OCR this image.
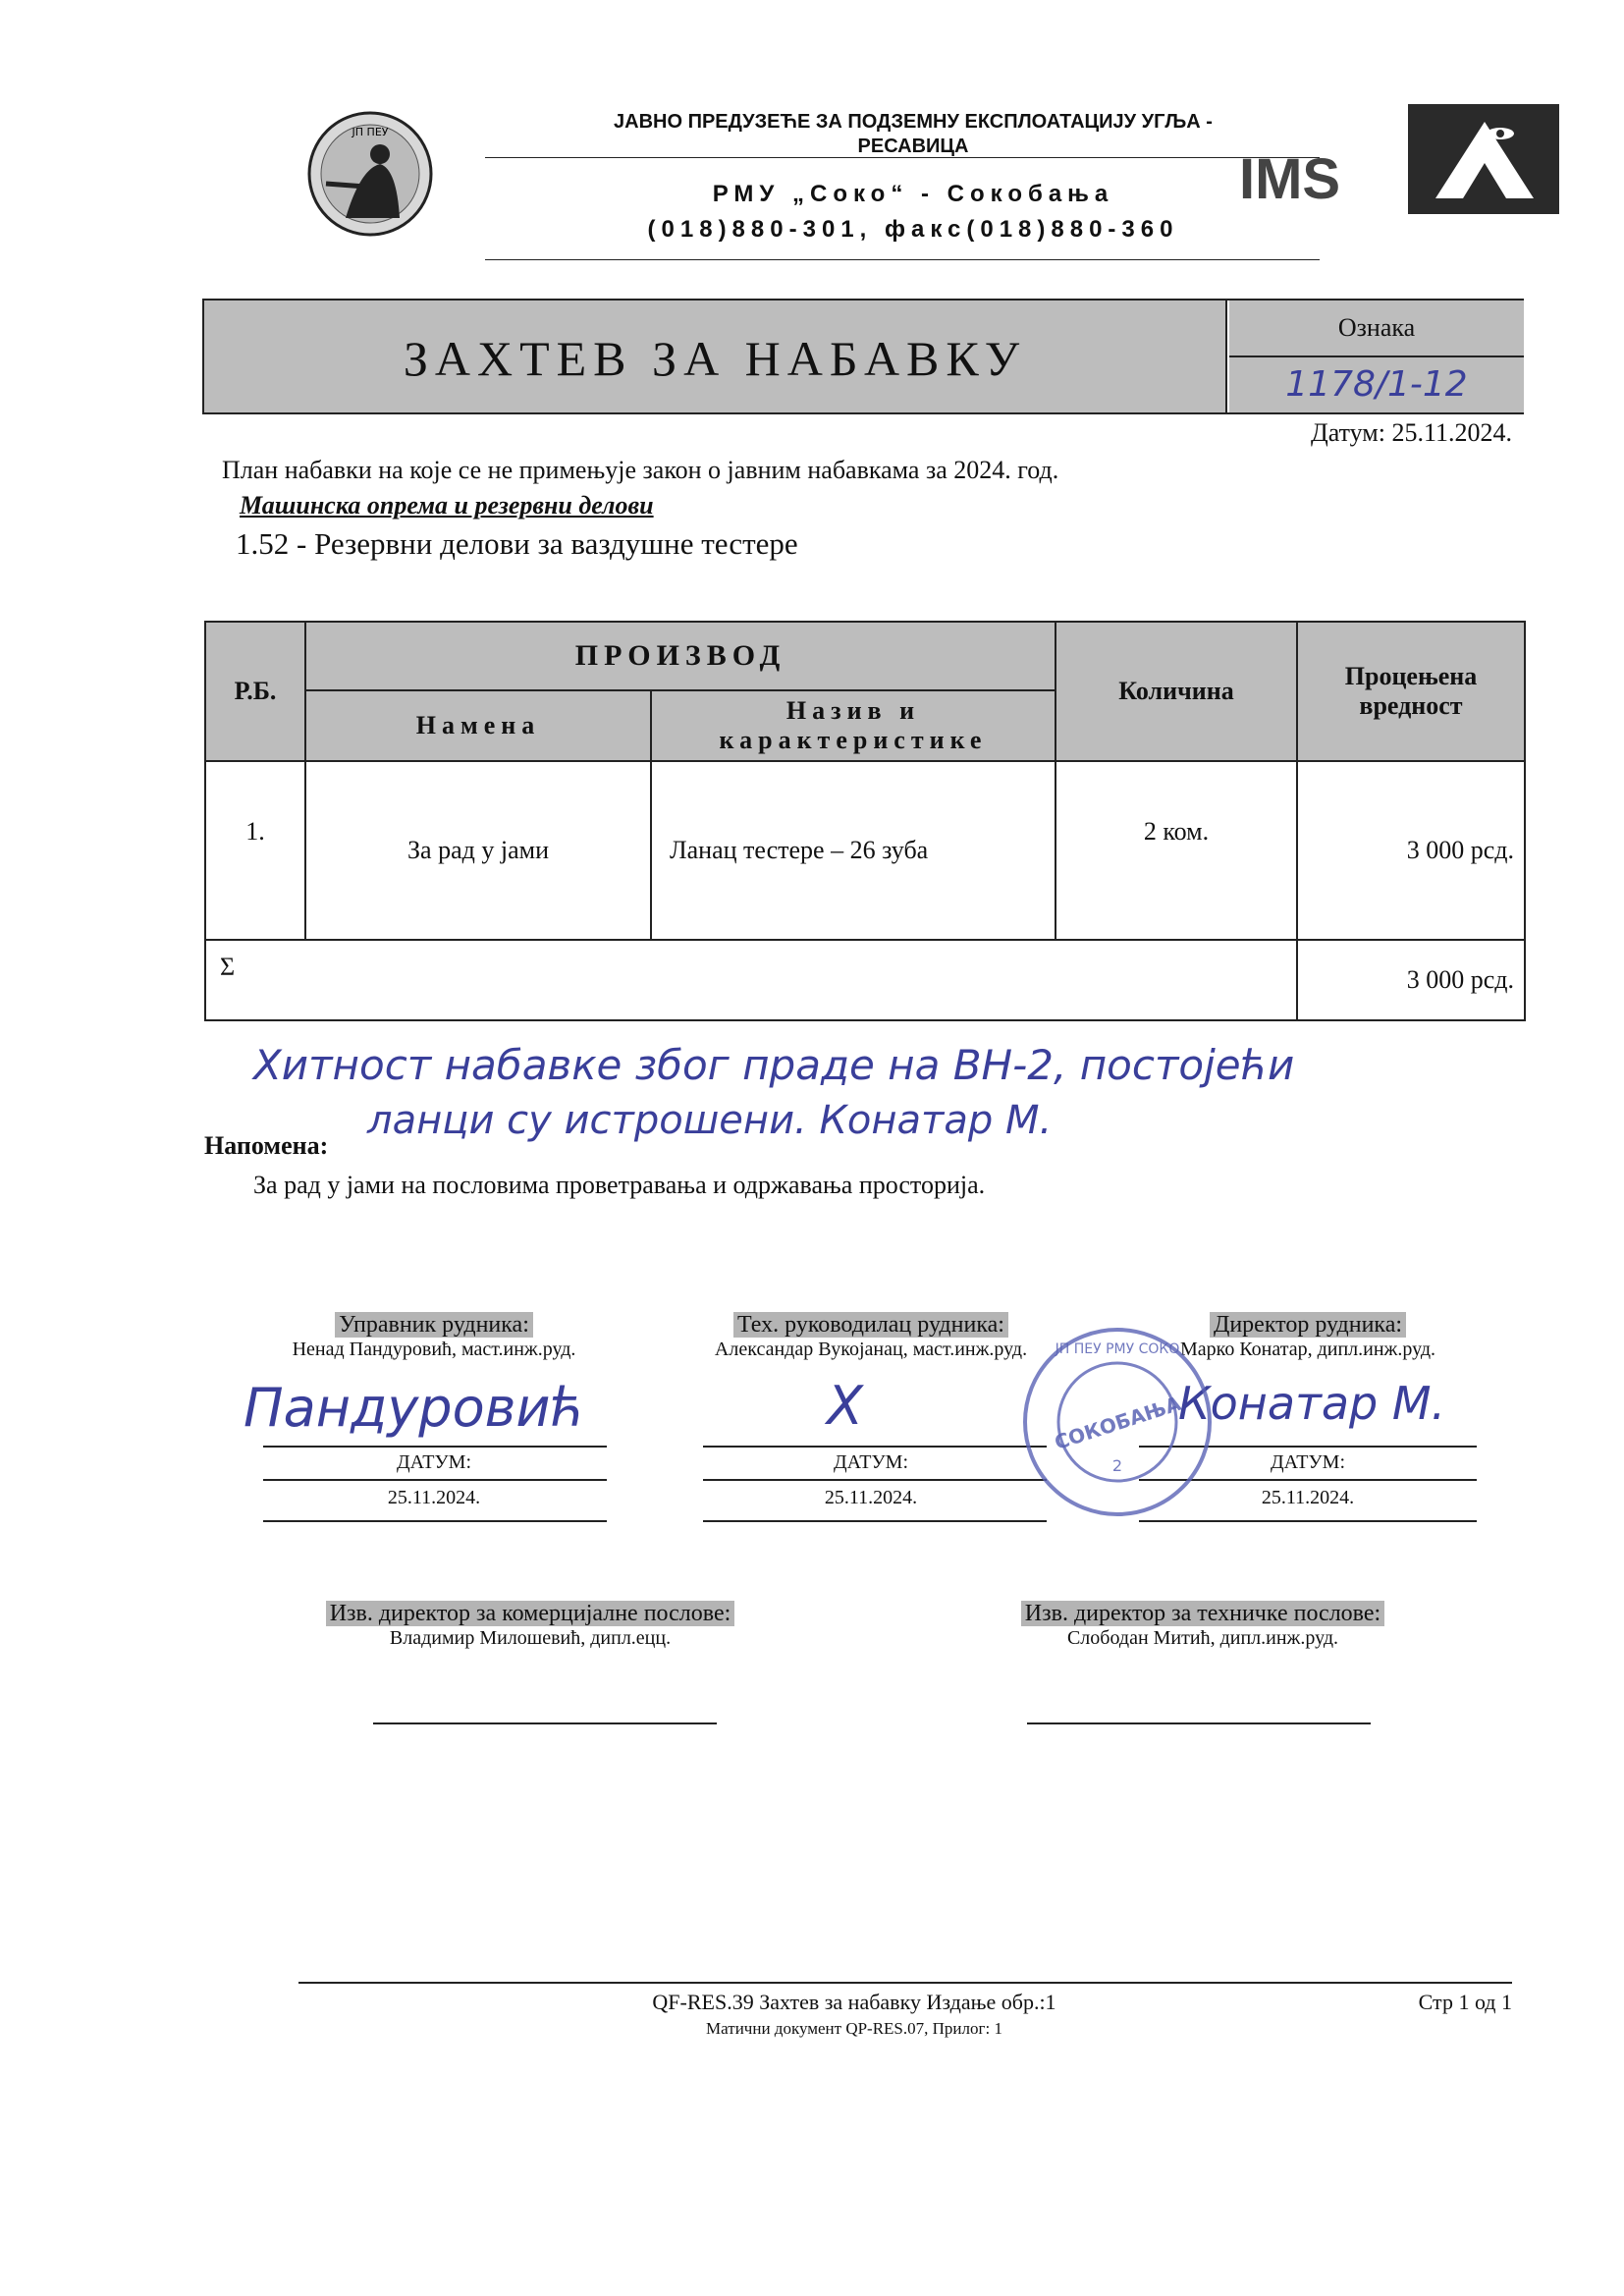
ЈП ПЕУ	ЈАВНО ПРЕДУЗЕЋЕ ЗА ПОДЗЕМНУ ЕКСПЛОАТАЦИЈУ УГЉА -
РЕСАВИЦА
РМУ „Соко“ - Сокобања
(018)880-301, факс(018)880-360
IMS
ЗАХТЕВ ЗА НАБАВКУ
Ознака
1178/1-12
Датум: 25.11.2024.
План набавки на које се не примењује закон о јавним набавкама за 2024. год.
Машинска опрема и резервни делови
1.52 - Резервни делови за ваздушне тестере
Р.Б.	ПРОИЗВОД		Количина	Процењена
вредност

	Намена	Назив и
карактеристике		

1.	За рад у јами	Ланац тестере – 26 зуба	2 ком.	3 000 рсд.
Σ				3 000 рсд.
Хитност набавке због праде на ВН-2, постојећи
ланци су истрошени. Конатар М.
Напомена:
За рад у јами на пословима проветравања и одржавања просторија.
Управник рудника:
Ненад Пандуровић, маст.инж.руд.
Пандуровић
ДАТУМ:
25.11.2024.
Тех. руководилац рудника:
Александар Вукојанац, маст.инж.руд.
X
ДАТУМ:
25.11.2024.
Директор рудника:
Марко Конатар, дипл.инж.руд.
Конатар М.
ДАТУМ:
25.11.2024.
ЈП ПЕУ РМУ СОКО
СОКОБАЊА
2
Изв. директор за комерцијалне послове:
Владимир Милошевић, дипл.ецц.
Изв. директор за техничке послове:
Слободан Митић, дипл.инж.руд.
QF-RES.39 Захтев за набавку Издање обр.:1	Стр 1 од 1
Матични документ QP-RES.07, Прилог: 1
